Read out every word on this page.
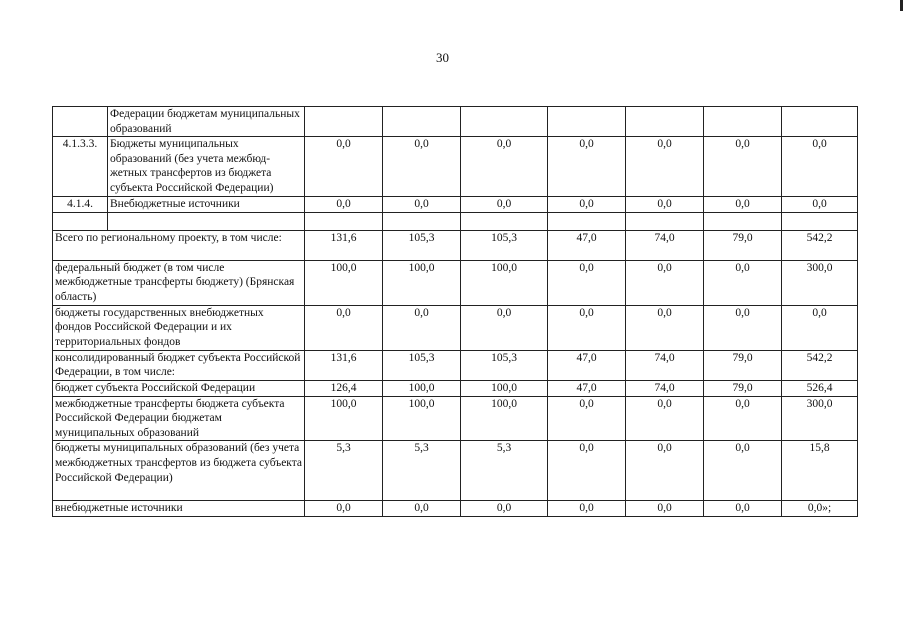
30
	Федерации бюджетам муниципальных образований							
4.1.3.3.	Бюджеты муниципальных образований (без учета межбюд-жетных трансфертов из бюджета субъекта Российской Федерации)	0,0	0,0	0,0	0,0	0,0	0,0	0,0
4.1.4.	Внебюджетные источники	0,0	0,0	0,0	0,0	0,0	0,0	0,0

Всего по региональному проекту, в том числе:		131,6	105,3	105,3	47,0	74,0	79,0	542,2
федеральный бюджет (в том числе межбюджетные трансферты бюджету) (Брянская область)		100,0	100,0	100,0	0,0	0,0	0,0	300,0
бюджеты государственных внебюджетных фондов Российской Федерации и их территориальных фондов		0,0	0,0	0,0	0,0	0,0	0,0	0,0
консолидированный бюджет субъекта Российской Федерации, в том числе:		131,6	105,3	105,3	47,0	74,0	79,0	542,2
бюджет субъекта Российской Федерации		126,4	100,0	100,0	47,0	74,0	79,0	526,4
межбюджетные трансферты бюджета субъекта Российской Федерации бюджетам муниципальных образований		100,0	100,0	100,0	0,0	0,0	0,0	300,0
бюджеты муниципальных образований (без учета межбюджетных трансфертов из бюджета субъекта Российской Федерации)		5,3	5,3	5,3	0,0	0,0	0,0	15,8
внебюджетные источники		0,0	0,0	0,0	0,0	0,0	0,0	0,0»;
